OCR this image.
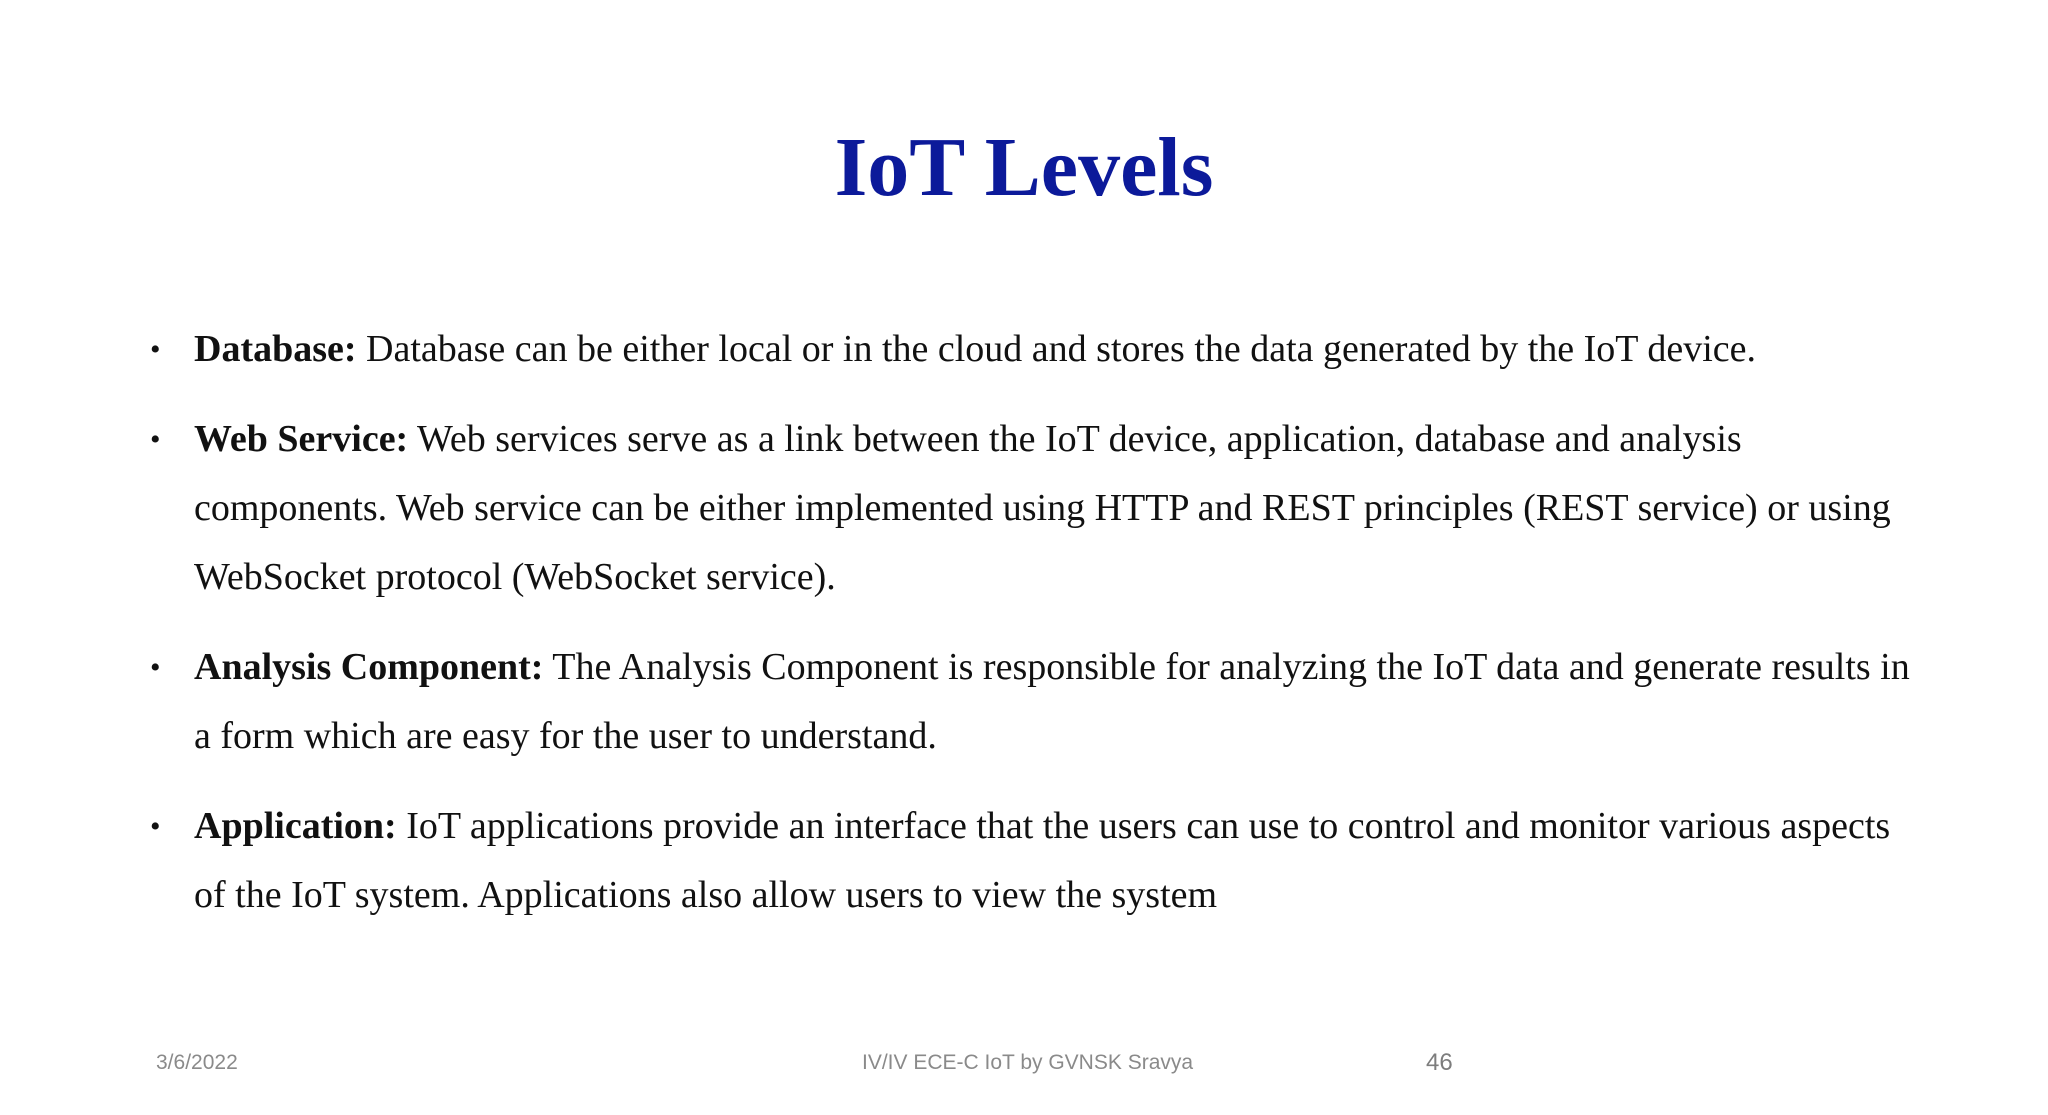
IoT Levels
• Database: Database can be either local or in the cloud and stores the data generated by the IoT device.
• Web Service: Web services serve as a link between the IoT device, application, database and analysis components. Web service can be either implemented using HTTP and REST principles (REST service) or using WebSocket protocol (WebSocket service).
• Analysis Component: The Analysis Component is responsible for analyzing the IoT data and generate results in a form which are easy for the user to understand.
• Application: IoT applications provide an interface that the users can use to control and monitor various aspects of the IoT system. Applications also allow users to view the system
3/6/2022	IV/IV ECE-C IoT by GVNSK Sravya	46
